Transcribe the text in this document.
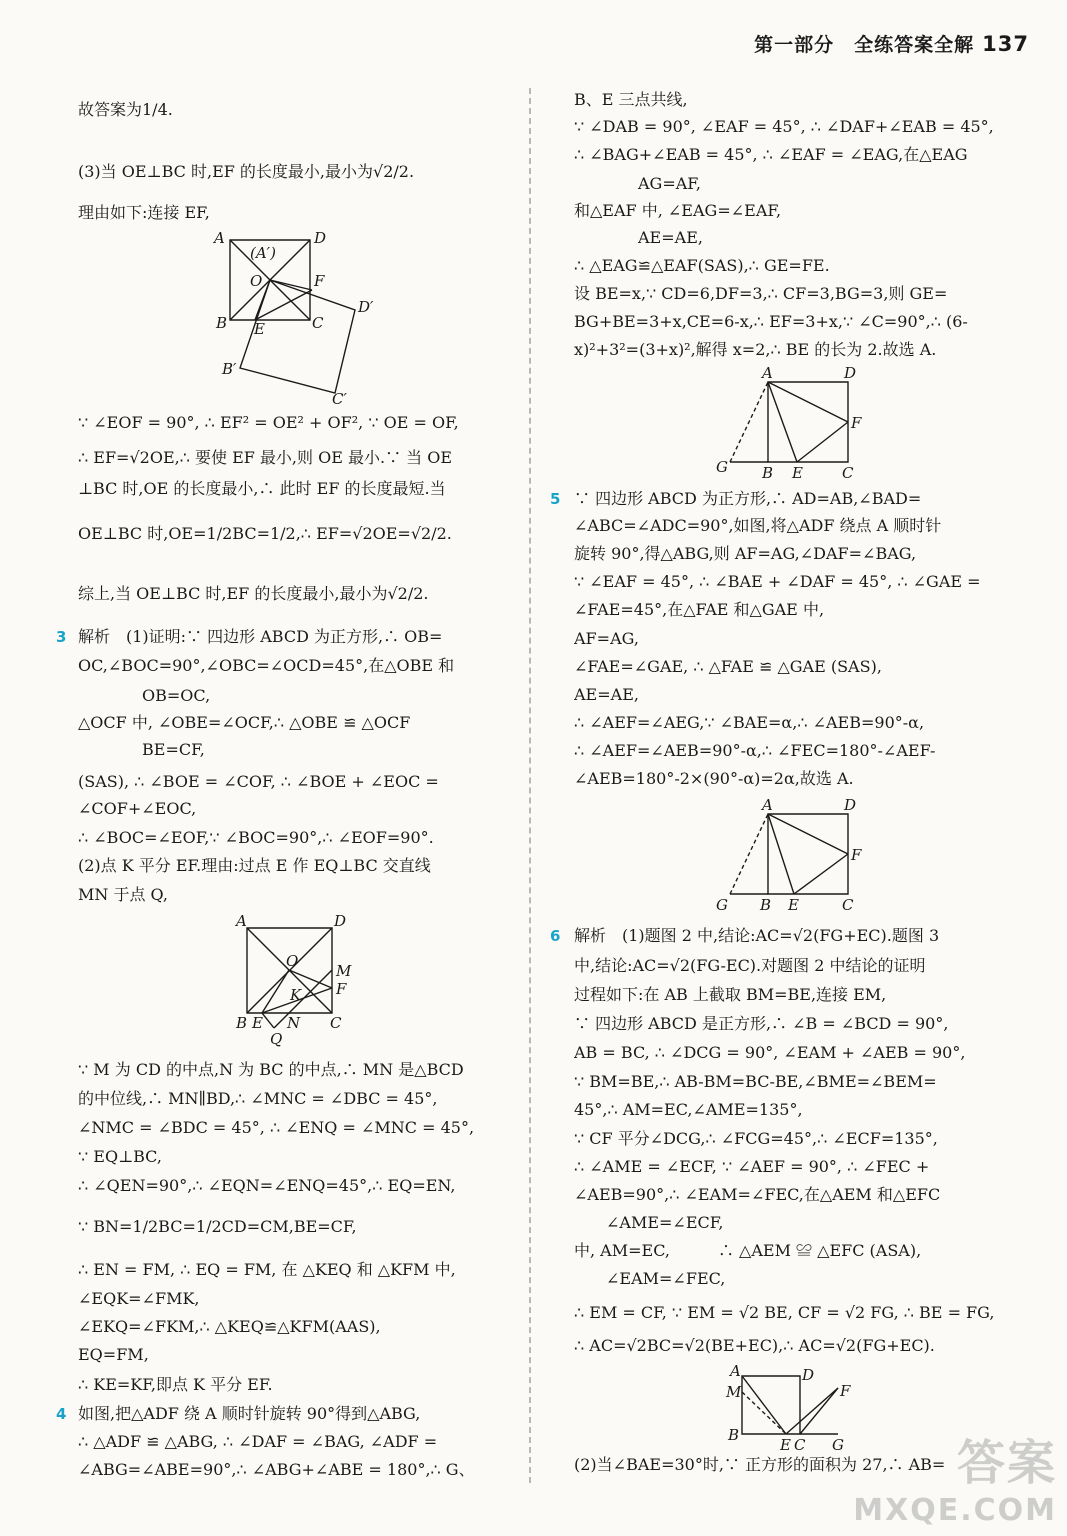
第一部分　全练答案全解 137
3
4
5
6
故答案为1/4.
(3)当 OE⊥BC 时,EF 的长度最小,最小为√2/2.
理由如下:连接 EF,
∵ ∠EOF = 90°, ∴ EF² = OE² + OF², ∵ OE = OF,
∴ EF=√2OE,∴ 要使 EF 最小,则 OE 最小.∵ 当 OE
⊥BC 时,OE 的长度最小,∴ 此时 EF 的长度最短.当
OE⊥BC 时,OE=1/2BC=1/2,∴ EF=√2OE=√2/2.
综上,当 OE⊥BC 时,EF 的长度最小,最小为√2/2.
解析　(1)证明:∵ 四边形 ABCD 为正方形,∴ OB=
OC,∠BOC=90°,∠OBC=∠OCD=45°,在△OBE 和
　　　　OB=OC,
△OCF 中, ∠OBE=∠OCF,∴ △OBE ≌ △OCF
　　　　BE=CF,
(SAS), ∴ ∠BOE = ∠COF, ∴ ∠BOE + ∠EOC =
∠COF+∠EOC,
∴ ∠BOC=∠EOF,∵ ∠BOC=90°,∴ ∠EOF=90°.
(2)点 K 平分 EF.理由:过点 E 作 EQ⊥BC 交直线
MN 于点 Q,
∵ M 为 CD 的中点,N 为 BC 的中点,∴ MN 是△BCD
的中位线,∴ MN∥BD,∴ ∠MNC = ∠DBC = 45°,
∠NMC = ∠BDC = 45°, ∴ ∠ENQ = ∠MNC = 45°,
∵ EQ⊥BC,
∴ ∠QEN=90°,∴ ∠EQN=∠ENQ=45°,∴ EQ=EN,
∵ BN=1/2BC=1/2CD=CM,BE=CF,
∴ EN = FM, ∴ EQ = FM, 在 △KEQ 和 △KFM 中,
∠EQK=∠FMK,
∠EKQ=∠FKM,∴ △KEQ≌△KFM(AAS),
EQ=FM,
∴ KE=KF,即点 K 平分 EF.
如图,把△ADF 绕 A 顺时针旋转 90°得到△ABG,
∴ △ADF ≌ △ABG, ∴ ∠DAF = ∠BAG, ∠ADF =
∠ABG=∠ABE=90°,∴ ∠ABG+∠ABE = 180°,∴ G、
B、E 三点共线,
∵ ∠DAB = 90°, ∠EAF = 45°, ∴ ∠DAF+∠EAB = 45°,
∴ ∠BAG+∠EAB = 45°, ∴ ∠EAF = ∠EAG,在△EAG
　　　　AG=AF,
和△EAF 中, ∠EAG=∠EAF,
　　　　AE=AE,
∴ △EAG≌△EAF(SAS),∴ GE=FE.
设 BE=x,∵ CD=6,DF=3,∴ CF=3,BG=3,则 GE=
BG+BE=3+x,CE=6-x,∴ EF=3+x,∵ ∠C=90°,∴ (6-
x)²+3²=(3+x)²,解得 x=2,∴ BE 的长为 2.故选 A.
∵ 四边形 ABCD 为正方形,∴ AD=AB,∠BAD=
∠ABC=∠ADC=90°,如图,将△ADF 绕点 A 顺时针
旋转 90°,得△ABG,则 AF=AG,∠DAF=∠BAG,
∵ ∠EAF = 45°, ∴ ∠BAE + ∠DAF = 45°, ∴ ∠GAE =
∠FAE=45°,在△FAE 和△GAE 中,
AF=AG,
∠FAE=∠GAE, ∴ △FAE ≌ △GAE (SAS),
AE=AE,
∴ ∠AEF=∠AEG,∵ ∠BAE=α,∴ ∠AEB=90°-α,
∴ ∠AEF=∠AEB=90°-α,∴ ∠FEC=180°-∠AEF-
∠AEB=180°-2×(90°-α)=2α,故选 A.
解析　(1)题图 2 中,结论:AC=√2(FG+EC).题图 3
中,结论:AC=√2(FG-EC).对题图 2 中结论的证明
过程如下:在 AB 上截取 BM=BE,连接 EM,
∵ 四边形 ABCD 是正方形,∴ ∠B = ∠BCD = 90°,
AB = BC, ∴ ∠DCG = 90°, ∠EAM + ∠AEB = 90°,
∵ BM=BE,∴ AB-BM=BC-BE,∠BME=∠BEM=
45°,∴ AM=EC,∠AME=135°,
∵ CF 平分∠DCG,∴ ∠FCG=45°,∴ ∠ECF=135°,
∴ ∠AME = ∠ECF, ∵ ∠AEF = 90°, ∴ ∠FEC +
∠AEB=90°,∴ ∠EAM=∠FEC,在△AEM 和△EFC
　　∠AME=∠ECF,
中, AM=EC,　　　∴ △AEM ≌ △EFC (ASA),
　　∠EAM=∠FEC,
∴ EM = CF, ∵ EM = √2 BE, CF = √2 FG, ∴ BE = FG,
∴ AC=√2BC=√2(BE+EC),∴ AC=√2(FG+EC).
(2)当∠BAE=30°时,∵ 正方形的面积为 27,∴ AB=
A
(A′)
D
O	F
D′
B E	C
B′
C′
A	D
O
M
F
K
B E N C
Q
A	D
F
G B E	C
A	D
F
G B E	C
A	D
M	F
B
E C G	答案
MXQE.COM
